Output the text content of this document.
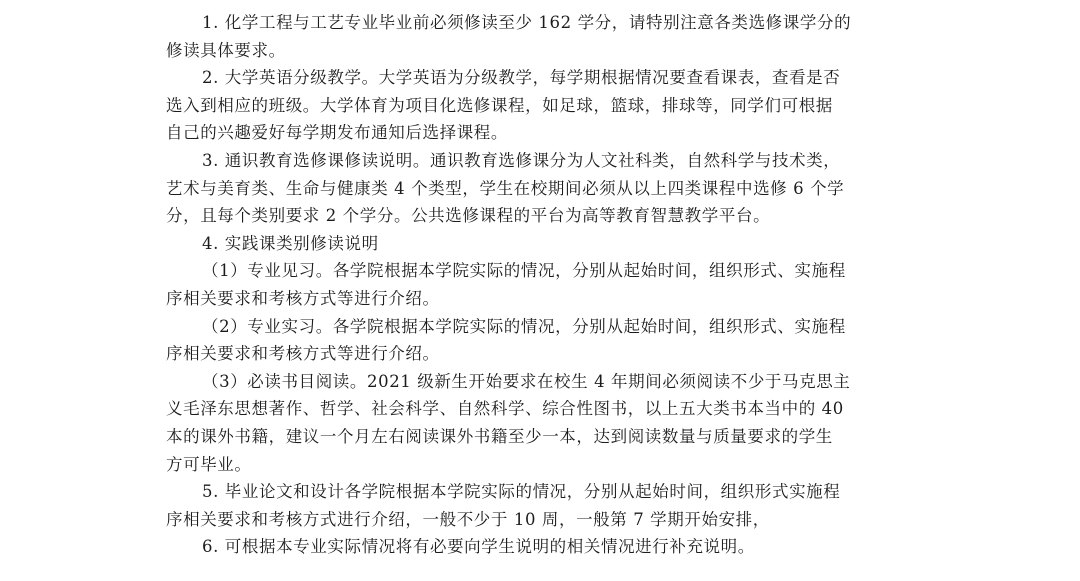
1. 化学工程与工艺专业毕业前必须修读至少 162 学分，请特别注意各类选修课学分的
修读具体要求。
2. 大学英语分级教学。大学英语为分级教学，每学期根据情况要查看课表，查看是否
选入到相应的班级。大学体育为项目化选修课程，如足球，篮球，排球等，同学们可根据
自己的兴趣爱好每学期发布通知后选择课程。
3. 通识教育选修课修读说明。通识教育选修课分为人文社科类，自然科学与技术类，
艺术与美育类、生命与健康类 4 个类型，学生在校期间必须从以上四类课程中选修 6 个学
分，且每个类别要求 2 个学分。公共选修课程的平台为高等教育智慧教学平台。
4. 实践课类别修读说明
（1）专业见习。各学院根据本学院实际的情况，分别从起始时间，组织形式、实施程
序相关要求和考核方式等进行介绍。
（2）专业实习。各学院根据本学院实际的情况，分别从起始时间，组织形式、实施程
序相关要求和考核方式等进行介绍。
（3）必读书目阅读。2021 级新生开始要求在校生 4 年期间必须阅读不少于马克思主
义毛泽东思想著作、哲学、社会科学、自然科学、综合性图书，以上五大类书本当中的 40
本的课外书籍，建议一个月左右阅读课外书籍至少一本，达到阅读数量与质量要求的学生
方可毕业。
5. 毕业论文和设计各学院根据本学院实际的情况，分别从起始时间，组织形式实施程
序相关要求和考核方式进行介绍，一般不少于 10 周，一般第 7 学期开始安排，
6. 可根据本专业实际情况将有必要向学生说明的相关情况进行补充说明。
